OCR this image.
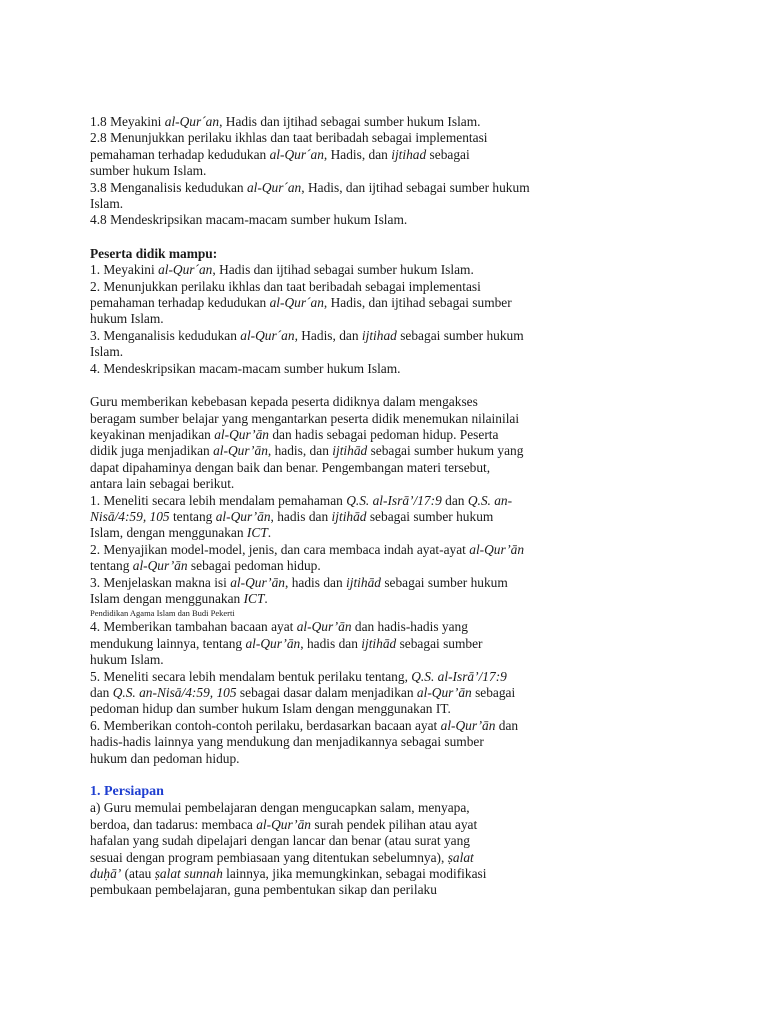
1.8 Meyakini al-Qur´an, Hadis dan ijtihad sebagai sumber hukum Islam.
2.8 Menunjukkan perilaku ikhlas dan taat beribadah sebagai implementasi
pemahaman terhadap kedudukan al-Qur´an, Hadis, dan ijtihad sebagai
sumber hukum Islam.
3.8 Menganalisis kedudukan al-Qur´an, Hadis, dan ijtihad sebagai sumber hukum
Islam.
4.8 Mendeskripsikan macam-macam sumber hukum Islam.
Peserta didik mampu:
1. Meyakini al-Qur´an, Hadis dan ijtihad sebagai sumber hukum Islam.
2. Menunjukkan perilaku ikhlas dan taat beribadah sebagai implementasi
pemahaman terhadap kedudukan al-Qur´an, Hadis, dan ijtihad sebagai sumber
hukum Islam.
3. Menganalisis kedudukan al-Qur´an, Hadis, dan ijtihad sebagai sumber hukum
Islam.
4. Mendeskripsikan macam-macam sumber hukum Islam.
Guru memberikan kebebasan kepada peserta didiknya dalam mengakses
beragam sumber belajar yang mengantarkan peserta didik menemukan nilainilai
keyakinan menjadikan al-Qur’ān dan hadis sebagai pedoman hidup. Peserta
didik juga menjadikan al-Qur’ān, hadis, dan ijtihād sebagai sumber hukum yang
dapat dipahaminya dengan baik dan benar. Pengembangan materi tersebut,
antara lain sebagai berikut.
1. Meneliti secara lebih mendalam pemahaman Q.S. al-Isrā’/17:9 dan Q.S. an-
Nisā/4:59, 105 tentang al-Qur’ān, hadis dan ijtihād sebagai sumber hukum
Islam, dengan menggunakan ICT.
2. Menyajikan model-model, jenis, dan cara membaca indah ayat-ayat al-Qur’ān
tentang al-Qur’ān sebagai pedoman hidup.
3. Menjelaskan makna isi al-Qur’ān, hadis dan ijtihād sebagai sumber hukum
Islam dengan menggunakan ICT.
Pendidikan Agama Islam dan Budi Pekerti
4. Memberikan tambahan bacaan ayat al-Qur’ān dan hadis-hadis yang
mendukung lainnya, tentang al-Qur’ān, hadis dan ijtihād sebagai sumber
hukum Islam.
5. Meneliti secara lebih mendalam bentuk perilaku tentang, Q.S. al-Isrā’/17:9
dan Q.S. an-Nisā/4:59, 105 sebagai dasar dalam menjadikan al-Qur’ān sebagai
pedoman hidup dan sumber hukum Islam dengan menggunakan IT.
6. Memberikan contoh-contoh perilaku, berdasarkan bacaan ayat al-Qur’ān dan
hadis-hadis lainnya yang mendukung dan menjadikannya sebagai sumber
hukum dan pedoman hidup.
1. Persiapan
a) Guru memulai pembelajaran dengan mengucapkan salam, menyapa,
berdoa, dan tadarus: membaca al-Qur’ān surah pendek pilihan atau ayat
hafalan yang sudah dipelajari dengan lancar dan benar (atau surat yang
sesuai dengan program pembiasaan yang ditentukan sebelumnya), ṣalat
duḥā’ (atau ṣalat sunnah lainnya, jika memungkinkan, sebagai modifikasi
pembukaan pembelajaran, guna pembentukan sikap dan perilaku
